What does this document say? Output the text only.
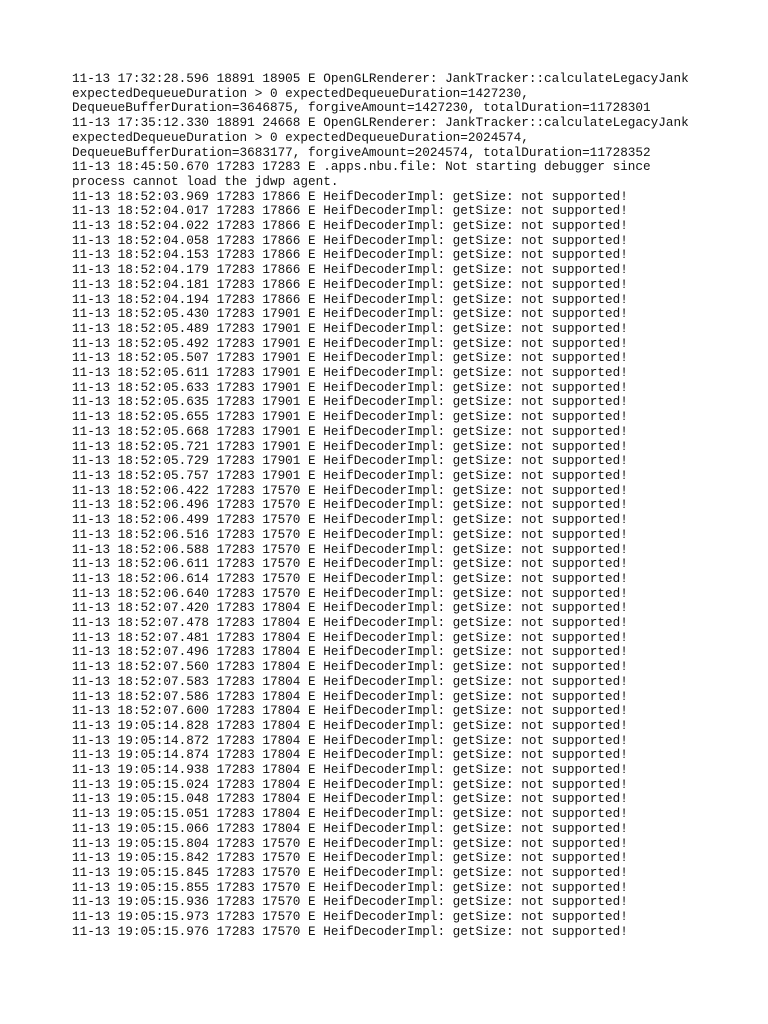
11-13 17:32:28.596 18891 18905 E OpenGLRenderer: JankTracker::calculateLegacyJank
expectedDequeueDuration > 0 expectedDequeueDuration=1427230,
DequeueBufferDuration=3646875, forgiveAmount=1427230, totalDuration=11728301
11-13 17:35:12.330 18891 24668 E OpenGLRenderer: JankTracker::calculateLegacyJank
expectedDequeueDuration > 0 expectedDequeueDuration=2024574,
DequeueBufferDuration=3683177, forgiveAmount=2024574, totalDuration=11728352
11-13 18:45:50.670 17283 17283 E .apps.nbu.file: Not starting debugger since
process cannot load the jdwp agent.
11-13 18:52:03.969 17283 17866 E HeifDecoderImpl: getSize: not supported!
11-13 18:52:04.017 17283 17866 E HeifDecoderImpl: getSize: not supported!
11-13 18:52:04.022 17283 17866 E HeifDecoderImpl: getSize: not supported!
11-13 18:52:04.058 17283 17866 E HeifDecoderImpl: getSize: not supported!
11-13 18:52:04.153 17283 17866 E HeifDecoderImpl: getSize: not supported!
11-13 18:52:04.179 17283 17866 E HeifDecoderImpl: getSize: not supported!
11-13 18:52:04.181 17283 17866 E HeifDecoderImpl: getSize: not supported!
11-13 18:52:04.194 17283 17866 E HeifDecoderImpl: getSize: not supported!
11-13 18:52:05.430 17283 17901 E HeifDecoderImpl: getSize: not supported!
11-13 18:52:05.489 17283 17901 E HeifDecoderImpl: getSize: not supported!
11-13 18:52:05.492 17283 17901 E HeifDecoderImpl: getSize: not supported!
11-13 18:52:05.507 17283 17901 E HeifDecoderImpl: getSize: not supported!
11-13 18:52:05.611 17283 17901 E HeifDecoderImpl: getSize: not supported!
11-13 18:52:05.633 17283 17901 E HeifDecoderImpl: getSize: not supported!
11-13 18:52:05.635 17283 17901 E HeifDecoderImpl: getSize: not supported!
11-13 18:52:05.655 17283 17901 E HeifDecoderImpl: getSize: not supported!
11-13 18:52:05.668 17283 17901 E HeifDecoderImpl: getSize: not supported!
11-13 18:52:05.721 17283 17901 E HeifDecoderImpl: getSize: not supported!
11-13 18:52:05.729 17283 17901 E HeifDecoderImpl: getSize: not supported!
11-13 18:52:05.757 17283 17901 E HeifDecoderImpl: getSize: not supported!
11-13 18:52:06.422 17283 17570 E HeifDecoderImpl: getSize: not supported!
11-13 18:52:06.496 17283 17570 E HeifDecoderImpl: getSize: not supported!
11-13 18:52:06.499 17283 17570 E HeifDecoderImpl: getSize: not supported!
11-13 18:52:06.516 17283 17570 E HeifDecoderImpl: getSize: not supported!
11-13 18:52:06.588 17283 17570 E HeifDecoderImpl: getSize: not supported!
11-13 18:52:06.611 17283 17570 E HeifDecoderImpl: getSize: not supported!
11-13 18:52:06.614 17283 17570 E HeifDecoderImpl: getSize: not supported!
11-13 18:52:06.640 17283 17570 E HeifDecoderImpl: getSize: not supported!
11-13 18:52:07.420 17283 17804 E HeifDecoderImpl: getSize: not supported!
11-13 18:52:07.478 17283 17804 E HeifDecoderImpl: getSize: not supported!
11-13 18:52:07.481 17283 17804 E HeifDecoderImpl: getSize: not supported!
11-13 18:52:07.496 17283 17804 E HeifDecoderImpl: getSize: not supported!
11-13 18:52:07.560 17283 17804 E HeifDecoderImpl: getSize: not supported!
11-13 18:52:07.583 17283 17804 E HeifDecoderImpl: getSize: not supported!
11-13 18:52:07.586 17283 17804 E HeifDecoderImpl: getSize: not supported!
11-13 18:52:07.600 17283 17804 E HeifDecoderImpl: getSize: not supported!
11-13 19:05:14.828 17283 17804 E HeifDecoderImpl: getSize: not supported!
11-13 19:05:14.872 17283 17804 E HeifDecoderImpl: getSize: not supported!
11-13 19:05:14.874 17283 17804 E HeifDecoderImpl: getSize: not supported!
11-13 19:05:14.938 17283 17804 E HeifDecoderImpl: getSize: not supported!
11-13 19:05:15.024 17283 17804 E HeifDecoderImpl: getSize: not supported!
11-13 19:05:15.048 17283 17804 E HeifDecoderImpl: getSize: not supported!
11-13 19:05:15.051 17283 17804 E HeifDecoderImpl: getSize: not supported!
11-13 19:05:15.066 17283 17804 E HeifDecoderImpl: getSize: not supported!
11-13 19:05:15.804 17283 17570 E HeifDecoderImpl: getSize: not supported!
11-13 19:05:15.842 17283 17570 E HeifDecoderImpl: getSize: not supported!
11-13 19:05:15.845 17283 17570 E HeifDecoderImpl: getSize: not supported!
11-13 19:05:15.855 17283 17570 E HeifDecoderImpl: getSize: not supported!
11-13 19:05:15.936 17283 17570 E HeifDecoderImpl: getSize: not supported!
11-13 19:05:15.973 17283 17570 E HeifDecoderImpl: getSize: not supported!
11-13 19:05:15.976 17283 17570 E HeifDecoderImpl: getSize: not supported!
